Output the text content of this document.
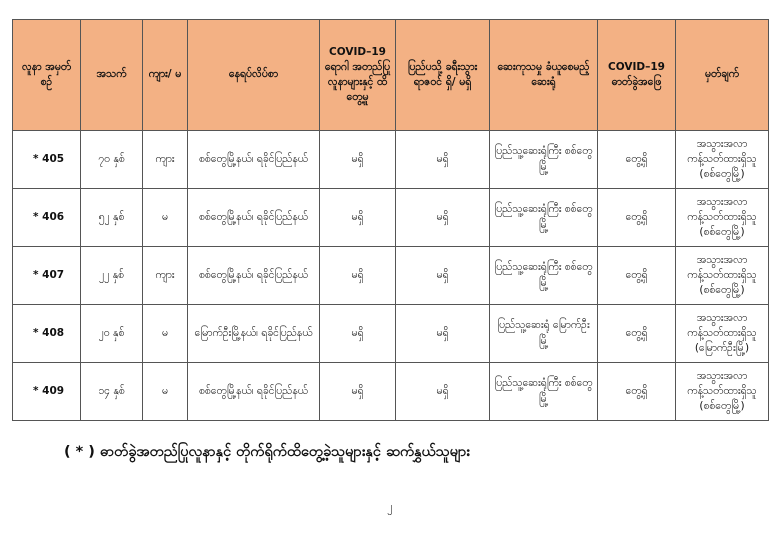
လူနာ အမှတ် စဉ်	အသက်	ကျား/ မ	နေရပ်လိပ်စာ	COVID–19 ရောဂါ အတည်ပြု လူနာများနှင့် ထိတွေ့မှု	ပြည်ပသို့ ခရီးသွား ရာဇဝင် ရှိ/ မရှိ	ဆေးကုသမှု ခံယူစေမည့်ဆေးရုံ	COVID–19 ဓာတ်ခွဲအဖြေ	မှတ်ချက်
* 405	၇၀ နှစ်	ကျား	စစ်တွေမြို့နယ်၊ ရခိုင်ပြည်နယ်	မရှိ	မရှိ	ပြည်သူ့ဆေးရုံကြီး စစ်တွေမြို့	တွေ့ရှိ	အသွားအလာ ကန့်သတ်ထားရှိသူ (စစ်တွေမြို့)
* 406	၅၂ နှစ်	မ	စစ်တွေမြို့နယ်၊ ရခိုင်ပြည်နယ်	မရှိ	မရှိ	ပြည်သူ့ဆေးရုံကြီး စစ်တွေမြို့	တွေ့ရှိ	အသွားအလာ ကန့်သတ်ထားရှိသူ (စစ်တွေမြို့)
* 407	၂၂ နှစ်	ကျား	စစ်တွေမြို့နယ်၊ ရခိုင်ပြည်နယ်	မရှိ	မရှိ	ပြည်သူ့ဆေးရုံကြီး စစ်တွေမြို့	တွေ့ရှိ	အသွားအလာ ကန့်သတ်ထားရှိသူ (စစ်တွေမြို့)
* 408	၂၀ နှစ်	မ	မြောက်ဦးမြို့နယ်၊ ရခိုင်ပြည်နယ်	မရှိ	မရှိ	ပြည်သူ့ဆေးရုံ မြောက်ဦးမြို့	တွေ့ရှိ	အသွားအလာ ကန့်သတ်ထားရှိသူ (မြောက်ဦးမြို့)
* 409	၁၄ နှစ်	မ	စစ်တွေမြို့နယ်၊ ရခိုင်ပြည်နယ်	မရှိ	မရှိ	ပြည်သူ့ဆေးရုံကြီး စစ်တွေမြို့	တွေ့ရှိ	အသွားအလာ ကန့်သတ်ထားရှိသူ (စစ်တွေမြို့)
( * ) ဓာတ်ခွဲအတည်ပြုလူနာနှင့် တိုက်ရိုက်ထိတွေ့ခဲ့သူများနှင့် ဆက်နွှယ်သူများ
၂
